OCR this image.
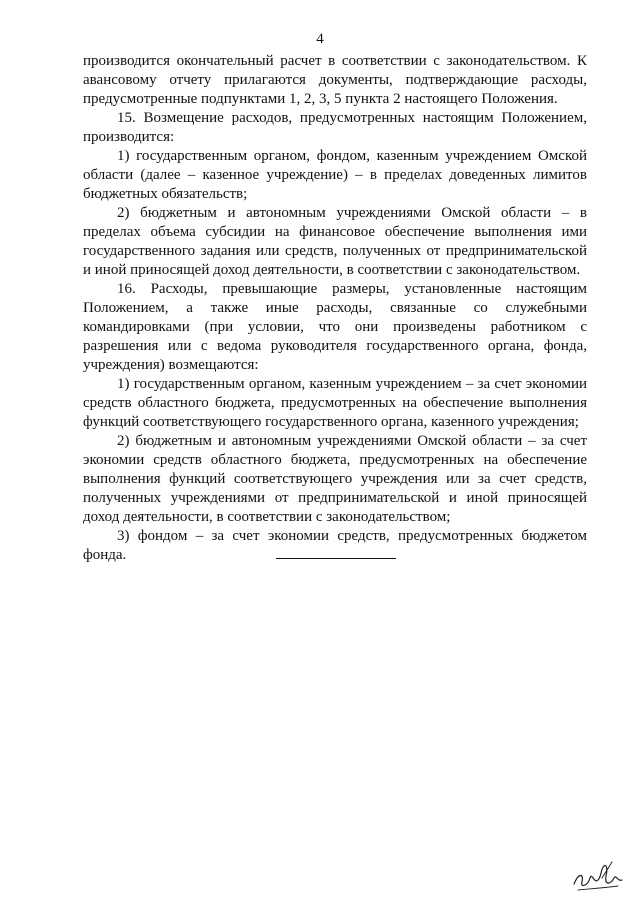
4

производится окончательный расчет в соответствии с законодательством. К авансовому отчету прилагаются документы, подтверждающие расходы, предусмотренные подпунктами 1, 2, 3, 5 пункта 2 настоящего Положения.

15. Возмещение расходов, предусмотренных настоящим Положением, производится:

1) государственным органом, фондом, казенным учреждением Омской области (далее – казенное учреждение) – в пределах доведенных лимитов бюджетных обязательств;

2) бюджетным и автономным учреждениями Омской области – в пределах объема субсидии на финансовое обеспечение выполнения ими государственного задания или средств, полученных от предпринимательской и иной приносящей доход деятельности, в соответствии с законодательством.

16. Расходы, превышающие размеры, установленные настоящим Положением, а также иные расходы, связанные со служебными командировками (при условии, что они произведены работником с разрешения или с ведома руководителя государственного органа, фонда, учреждения) возмещаются:

1) государственным органом, казенным учреждением – за счет экономии средств областного бюджета, предусмотренных на обеспечение выполнения функций соответствующего государственного органа, казенного учреждения;

2) бюджетным и автономным учреждениями Омской области – за счет экономии средств областного бюджета, предусмотренных на обеспечение выполнения функций соответствующего учреждения или за счет средств, полученных учреждениями от предпринимательской и иной приносящей доход деятельности, в соответствии с законодательством;

3) фондом – за счет экономии средств, предусмотренных бюджетом фонда.
